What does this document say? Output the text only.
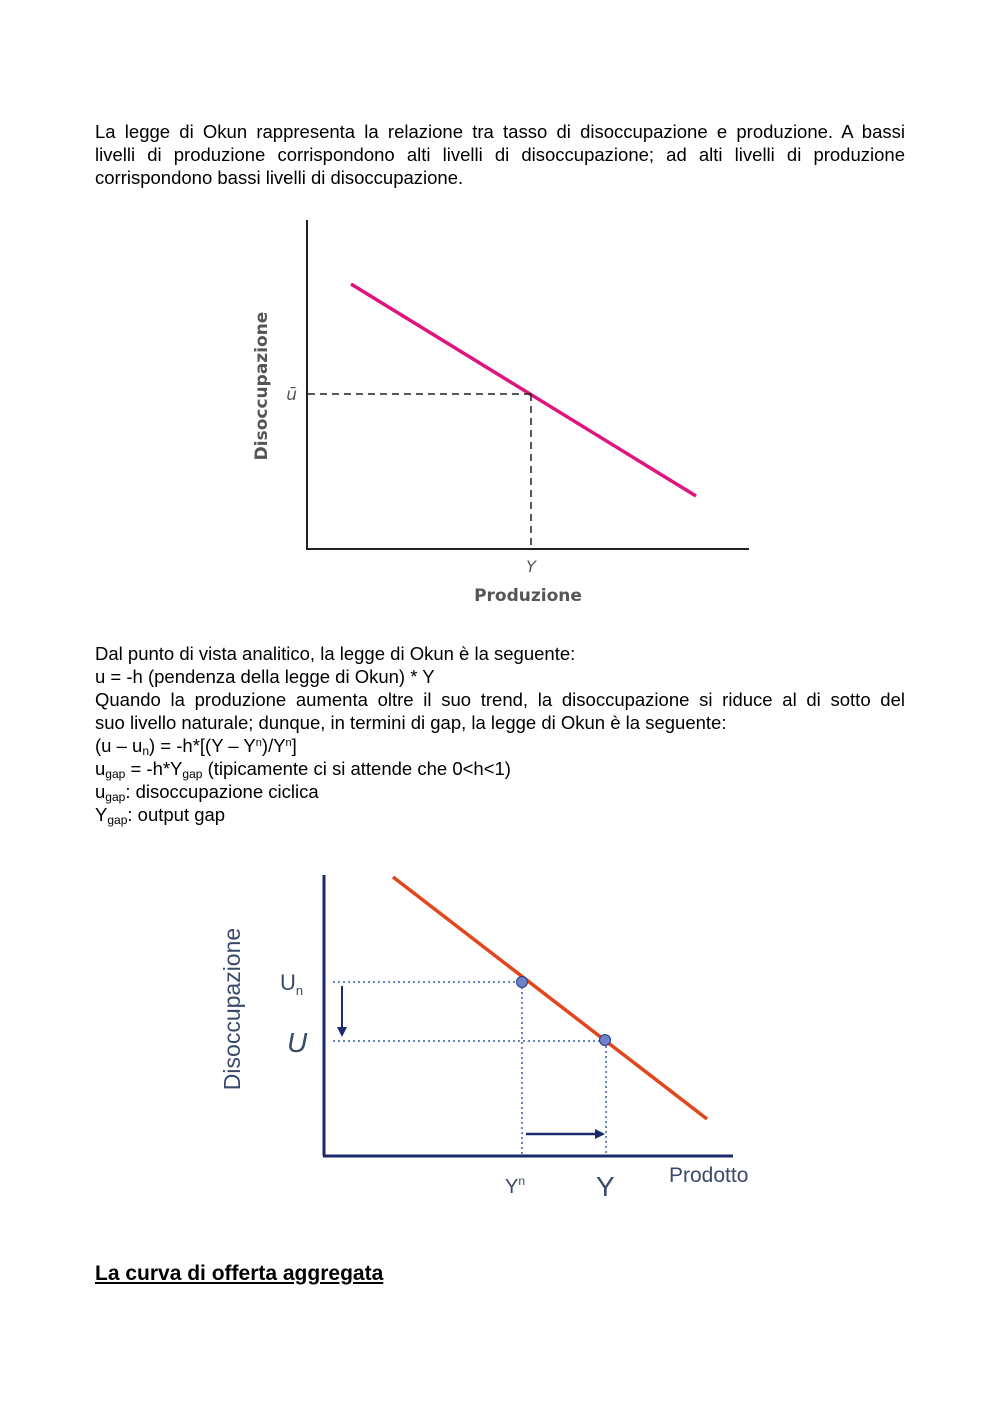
La legge di Okun rappresenta la relazione tra tasso di disoccupazione e produzione. A bassi
livelli di produzione corrispondono alti livelli di disoccupazione; ad alti livelli di produzione
corrispondono bassi livelli di disoccupazione.
ū
Y
Produzione
Disoccupazione
Dal punto di vista analitico, la legge di Okun è la seguente:
u = -h (pendenza della legge di Okun) * Y
Quando la produzione aumenta oltre il suo trend, la disoccupazione si riduce al di sotto del
suo livello naturale; dunque, in termini di gap, la legge di Okun è la seguente:
$(u - u_n) = -h*[(Y - Y^n)/Y^n]$
$u_{gap} = -h*Y_{gap}$ (tipicamente ci si attende che 0<h<1)
$u_{gap}$: disoccupazione ciclica
$Y_{gap}$: output gap
$U_n$
U
$Y^n$	Y	Prodotto
Disoccupazione
La curva di offerta aggregata
